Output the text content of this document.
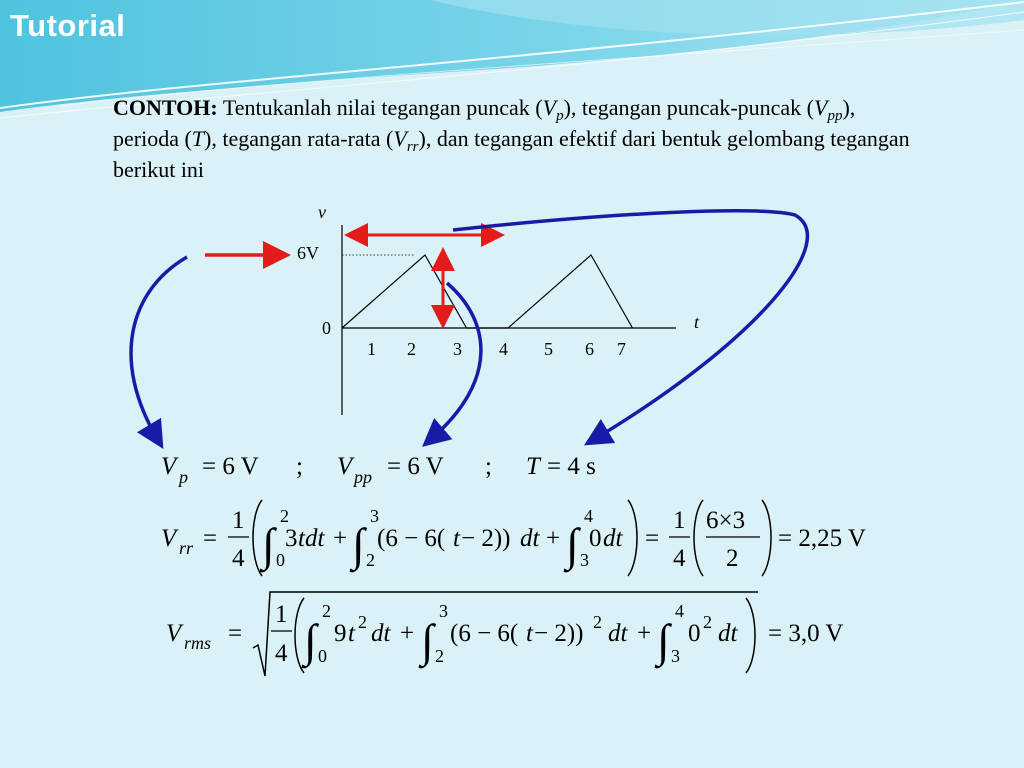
Tutorial
CONTOH: Tentukanlah nilai tegangan puncak $(V_p)$, tegangan puncak-puncak $(V_{pp})$, perioda (T), tegangan rata-rata $(V_{rr})$, dan tegangan efektif dari bentuk gelombang tegangan berikut ini
v
t
6V
0
1 2 3 4 5 6 7
V p = 6 V ; V pp = 6 V ; T = 4 s
V rr =
1
4 ∫
2
0
3 tdt + ∫
3
2
(6 − 6( t − 2)) dt + ∫
4
3
0 dt =
1
4
6×3
2
= 2,25 V
V rms =
1
4 ∫
2
0
9 t 2 dt + ∫
3
2
(6 − 6( t − 2)) 2 dt + ∫
4
3
0 2 dt = 3,0 V
